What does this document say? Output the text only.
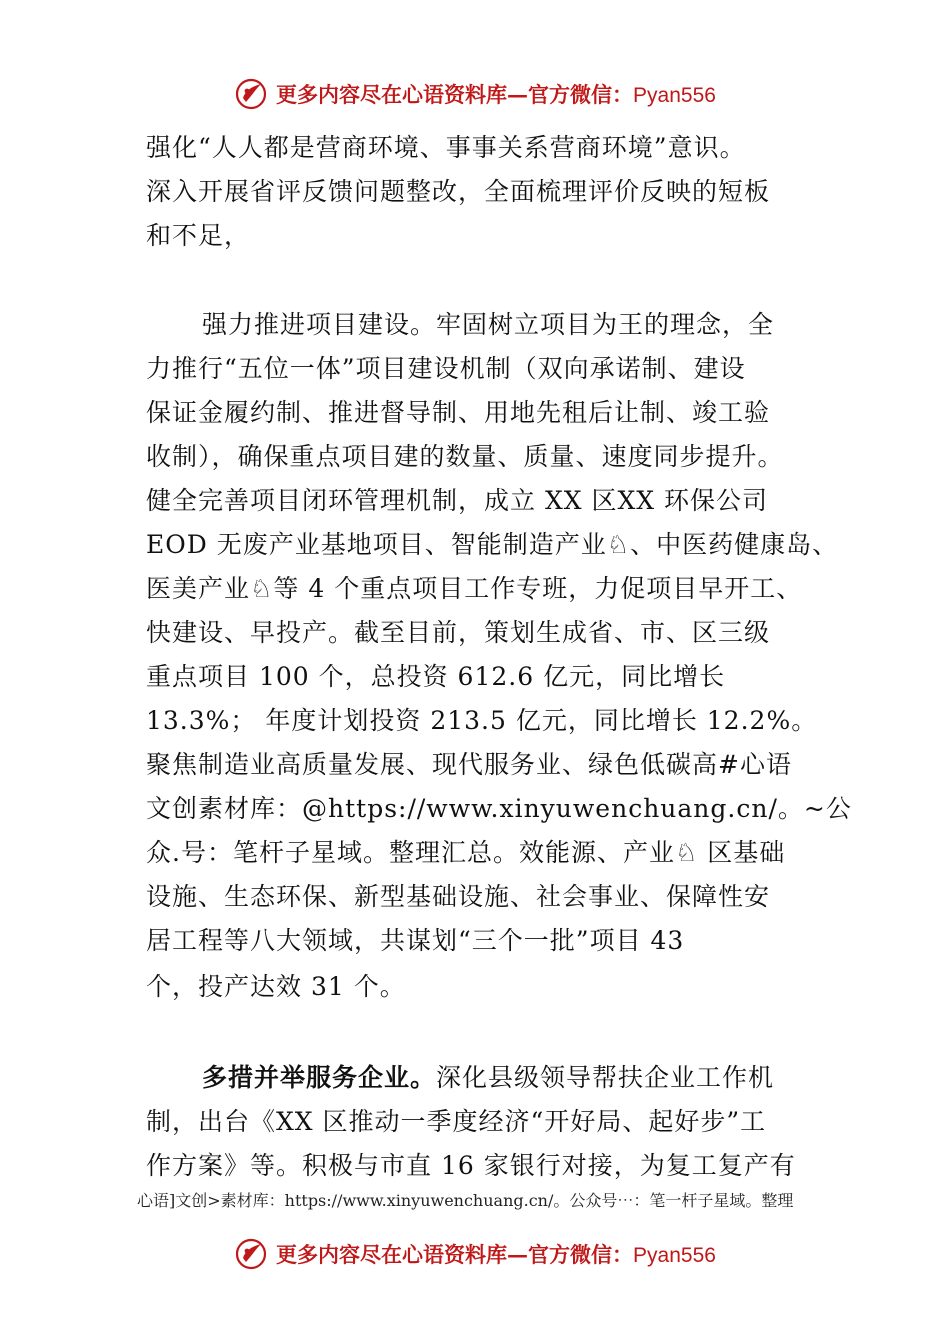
更多内容尽在心语资料库—官方微信：Pyan556
强化“人人都是营商环境、事事关系营商环境”意识。
深入开展省评反馈问题整改，全面梳理评价反映的短板
和不足，
强力推进项目建设。牢固树立项目为王的理念，全
力推行“五位一体”项目建设机制（双向承诺制、建设
保证金履约制、推进督导制、用地先租后让制、竣工验
收制），确保重点项目建的数量、质量、速度同步提升。
健全完善项目闭环管理机制，成立 XX 区XX 环保公司
EOD 无废产业基地项目、智能制造产业♘、中医药健康岛、
医美产业♘等 4 个重点项目工作专班，力促项目早开工、
快建设、早投产。截至目前，策划生成省、市、区三级
重点项目 100 个，总投资 612.6 亿元，同比增长
13.3%； 年度计划投资 213.5 亿元，同比增长 12.2%。
聚焦制造业高质量发展、现代服务业、绿色低碳高#心语
文创素材库：@https://www.xinyuwenchuang.cn/。~公
众.号：笔杆子星域。整理汇总。效能源、产业♘ 区基础
设施、生态环保、新型基础设施、社会事业、保障性安
居工程等八大领域，共谋划“三个一批”项目 43
个，投产达效 31 个。
多措并举服务企业。深化县级领导帮扶企业工作机
制，出台《XX 区推动一季度经济“开好局、起好步”工
作方案》等。积极与市直 16 家银行对接，为复工复产有
心语]文创>素材库：https://www.xinyuwenchuang.cn/。公众号⋯：笔一杆子星域。整理
更多内容尽在心语资料库—官方微信：Pyan556
